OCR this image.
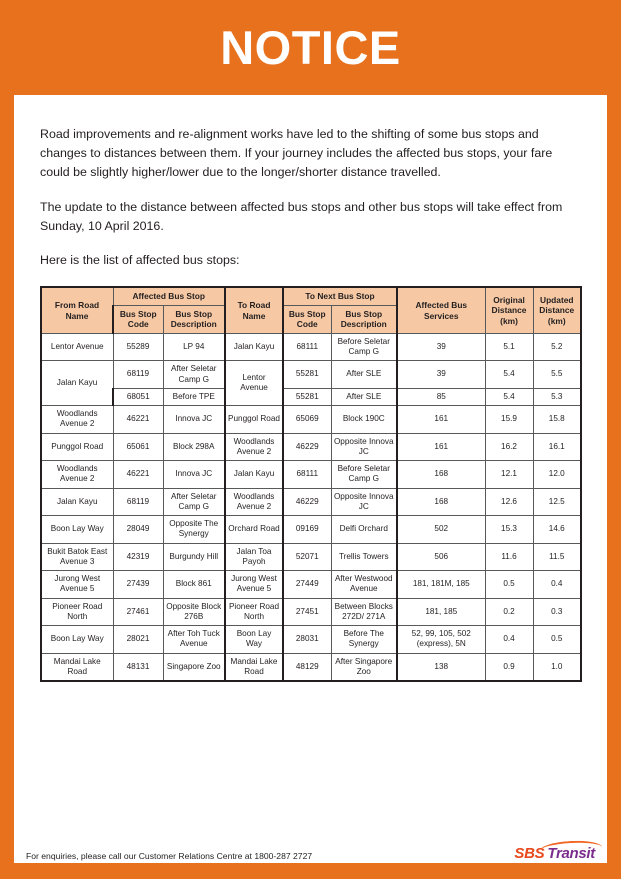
NOTICE

Road improvements and re-alignment works have led to the shifting of some bus stops and changes to distances between them. If your journey includes the affected bus stops, your fare could be slightly higher/lower due to the longer/shorter distance travelled.

The update to the distance between affected bus stops and other bus stops will take effect from Sunday, 10 April 2016.

Here is the list of affected bus stops:

From Road Name	Affected Bus Stop		To Road Name	To Next Bus Stop		Affected Bus Services	Original Distance (km)	Updated Distance (km)
	Bus Stop Code	Bus Stop Description		Bus Stop Code	Bus Stop Description			
Lentor Avenue	55289	LP 94	Jalan Kayu	68111	Before Seletar Camp G	39	5.1	5.2
Jalan Kayu	68119	After Seletar Camp G	Lentor Avenue	55281	After SLE	39	5.4	5.5
	68051	Before TPE		55281	After SLE	85	5.4	5.3
Woodlands Avenue 2	46221	Innova JC	Punggol Road	65069	Block 190C	161	15.9	15.8
Punggol Road	65061	Block 298A	Woodlands Avenue 2	46229	Opposite Innova JC	161	16.2	16.1
Woodlands Avenue 2	46221	Innova JC	Jalan Kayu	68111	Before Seletar Camp G	168	12.1	12.0
Jalan Kayu	68119	After Seletar Camp G	Woodlands Avenue 2	46229	Opposite Innova JC	168	12.6	12.5
Boon Lay Way	28049	Opposite The Synergy	Orchard Road	09169	Delfi Orchard	502	15.3	14.6
Bukit Batok East Avenue 3	42319	Burgundy Hill	Jalan Toa Payoh	52071	Trellis Towers	506	11.6	11.5
Jurong West Avenue 5	27439	Block 861	Jurong West Avenue 5	27449	After Westwood Avenue	181, 181M, 185	0.5	0.4
Pioneer Road North	27461	Opposite Block 276B	Pioneer Road North	27451	Between Blocks 272D/ 271A	181, 185	0.2	0.3
Boon Lay Way	28021	After Toh Tuck Avenue	Boon Lay Way	28031	Before The Synergy	52, 99, 105, 502 (express), 5N	0.4	0.5
Mandai Lake Road	48131	Singapore Zoo	Mandai Lake Road	48129	After Singapore Zoo	138	0.9	1.0
For enquiries, please call our Customer Relations Centre at 1800-287 2727	SBS Transit
